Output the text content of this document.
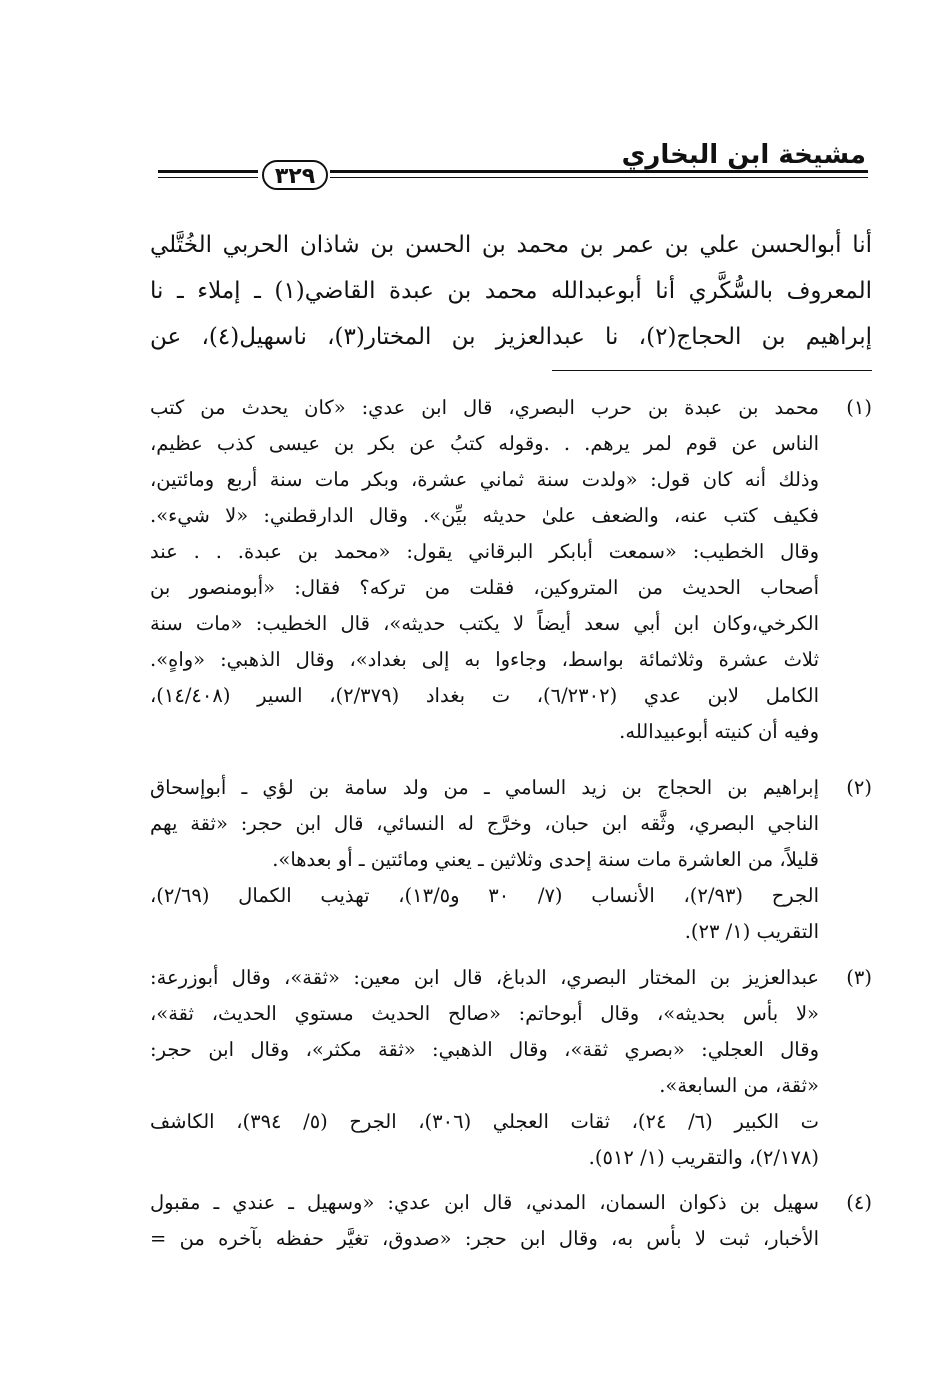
مشيخة ابن البخاري
٣٢٩
أنا أبوالحسن علي بن عمر بن محمد بن الحسن بن شاذان الحربي الخُتَّلي
المعروف بالسُّكَّري أنا أبوعبدالله محمد بن عبدة القاضي(١) ـ إملاء ـ نا
إبراهيم بن الحجاج(٢)، نا عبدالعزيز بن المختار(٣)، ناسهيل(٤)، عن
(١)
محمد بن عبدة بن حرب البصري، قال ابن عدي: «كان يحدث من كتب
الناس عن قوم لمر يرهم. . .وقوله كتبُ عن بكر بن عيسى كذب عظيم،
وذلك أنه كان قول: «ولدت سنة ثماني عشرة، وبكر مات سنة أربع ومائتين،
فكيف كتب عنه، والضعف علىٰ حديثه بيِّن». وقال الدارقطني: «لا شيء».
وقال الخطيب: «سمعت أبابكر البرقاني يقول: «محمد بن عبدة. . . عند
أصحاب الحديث من المتروكين، فقلت من تركه؟ فقال: «أبومنصور بن
الكرخي،وكان ابن أبي سعد أيضاً لا يكتب حديثه»، قال الخطيب: «مات سنة
ثلاث عشرة وثلاثمائة بواسط، وجاءوا به إلى بغداد»، وقال الذهبي: «واهٍ».
الكامل لابن عدي (٦/٢٣٠٢)، ت بغداد (٢/٣٧٩)، السير (١٤/٤٠٨)،
وفيه أن كنيته أبوعبيدالله.
(٢)
إبراهيم بن الحجاج بن زيد السامي ـ من ولد سامة بن لؤي ـ أبوإسحاق
الناجي البصري، وثَّقه ابن حبان، وخرَّج له النسائي، قال ابن حجر: «ثقة يهم
قليلاً، من العاشرة مات سنة إحدى وثلاثين ـ يعني ومائتين ـ أو بعدها».
الجرح (٢/٩٣)، الأنساب (٧/ ٣٠ و١٣/٥)، تهذيب الكمال (٢/٦٩)،
التقريب (١/ ٢٣).
(٣)
عبدالعزيز بن المختار البصري، الدباغ، قال ابن معين: «ثقة»، وقال أبوزرعة:
«لا بأس بحديثه»، وقال أبوحاتم: «صالح الحديث مستوي الحديث، ثقة»،
وقال العجلي: «بصري ثقة»، وقال الذهبي: «ثقة مكثر»، وقال ابن حجر:
«ثقة، من السابعة».
ت الكبير (٦/ ٢٤)، ثقات العجلي (٣٠٦)، الجرح (٥/ ٣٩٤)، الكاشف
(٢/١٧٨)، والتقريب (١/ ٥١٢).
(٤)
سهيل بن ذكوان السمان، المدني، قال ابن عدي: «وسهيل ـ عندي ـ مقبول
الأخبار، ثبت لا بأس به، وقال ابن حجر: «صدوق، تغيَّر حفظه بآخره من =
